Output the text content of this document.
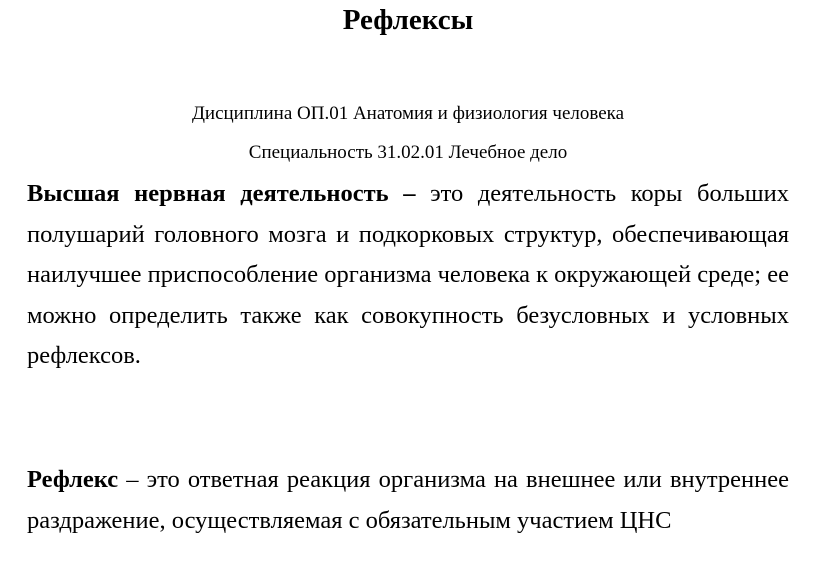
Рефлексы
Дисциплина ОП.01 Анатомия и физиология человека
Специальность 31.02.01 Лечебное дело

Высшая нервная деятельность – это деятельность коры больших полушарий головного мозга и подкорковых структур, обеспечивающая наилучшее приспособление организма человека к окружающей среде; ее можно определить также как совокупность безусловных и условных рефлексов.

Рефлекс – это ответная реакция организма на внешнее или внутреннее раздражение, осуществляемая с обязательным участием ЦНС
